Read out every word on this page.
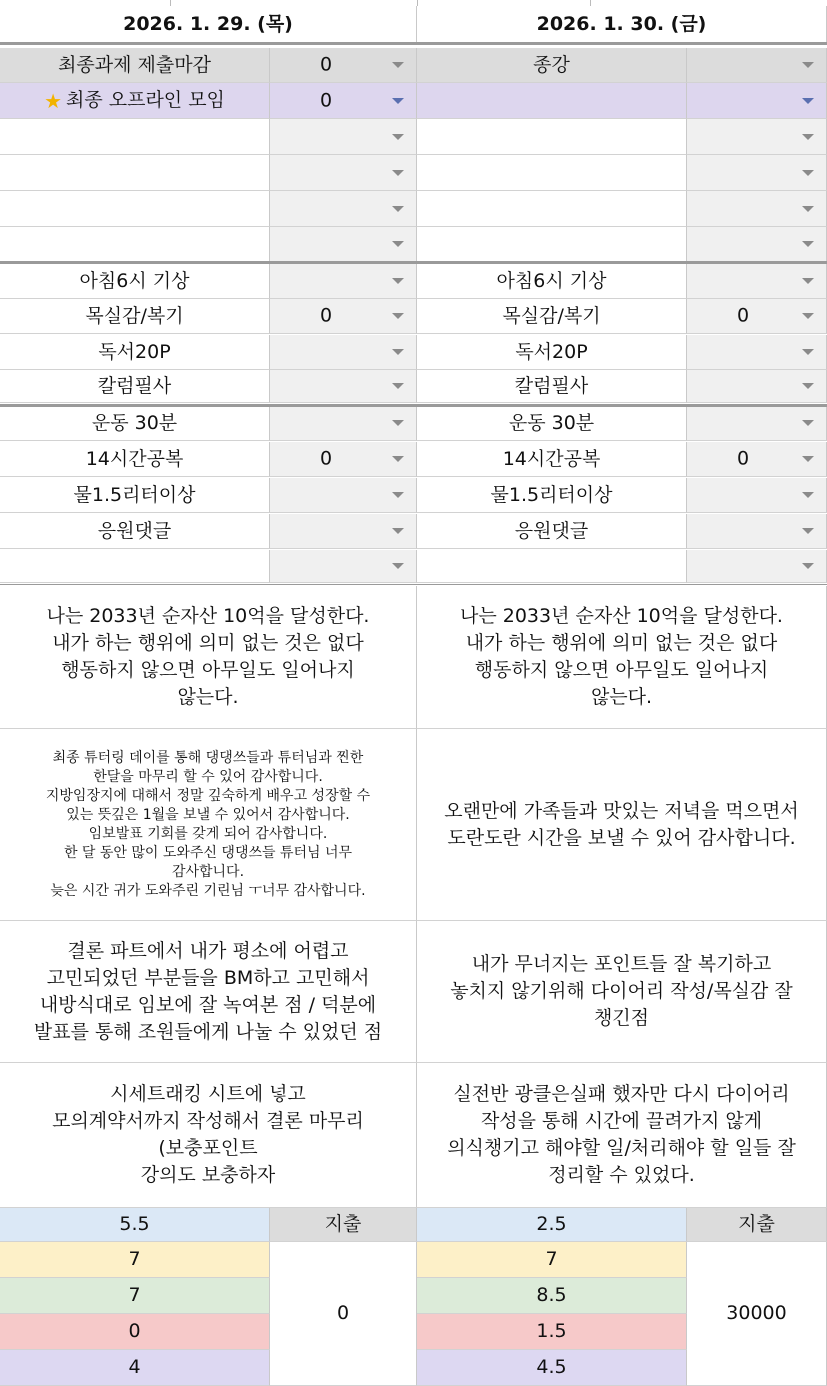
2026. 1. 29. (목)
최종과제 제출마감	0
★ 최종 오프라인 모임	0
아침6시 기상
목실감/복기	0
독서20P
칼럼필사
운동 30분
14시간공복	0
물1.5리터이상
응원댓글
나는 2033년 순자산 10억을 달성한다.
내가 하는 행위에 의미 없는 것은 없다
행동하지 않으면 아무일도 일어나지
않는다.
최종 튜터링 데이를 통해 댕댕쓰들과 튜터님과 찐한
한달을 마무리 할 수 있어 감사합니다.
지방임장지에 대해서 정말 깊숙하게 배우고 성장할 수
있는 뜻깊은 1월을 보낼 수 있어서 감사합니다.
임보발표 기회를 갖게 되어 감사합니다.
한 달 동안 많이 도와주신 댕댕쓰들 튜터님 너무
감사합니다.
늦은 시간 귀가 도와주린 기린님 ㅜ너무 감사합니다.
결론 파트에서 내가 평소에 어렵고
고민되었던 부분들을 BM하고 고민해서
내방식대로 임보에 잘 녹여본 점 / 덕분에
발표를 통해 조원들에게 나눌 수 있었던 점
시세트래킹 시트에 넣고
모의계약서까지 작성해서 결론 마무리
(보충포인트
강의도 보충하자
5.5	지출
7
7
0
4
0
2026. 1. 30. (금)
종강
아침6시 기상
목실감/복기	0
독서20P
칼럼필사
운동 30분
14시간공복	0
물1.5리터이상
응원댓글
나는 2033년 순자산 10억을 달성한다.
내가 하는 행위에 의미 없는 것은 없다
행동하지 않으면 아무일도 일어나지
않는다.
오랜만에 가족들과 맛있는 저녁을 먹으면서
도란도란 시간을 보낼 수 있어 감사합니다.
내가 무너지는 포인트들 잘 복기하고
놓치지 않기위해 다이어리 작성/목실감 잘
챙긴점
실전반 광클은실패 했자만 다시 다이어리
작성을 통해 시간에 끌려가지 않게
의식챙기고 해야할 일/처리해야 할 일들 잘
정리할 수 있었다.
2.5	지출
7
8.5
1.5
4.5
30000
